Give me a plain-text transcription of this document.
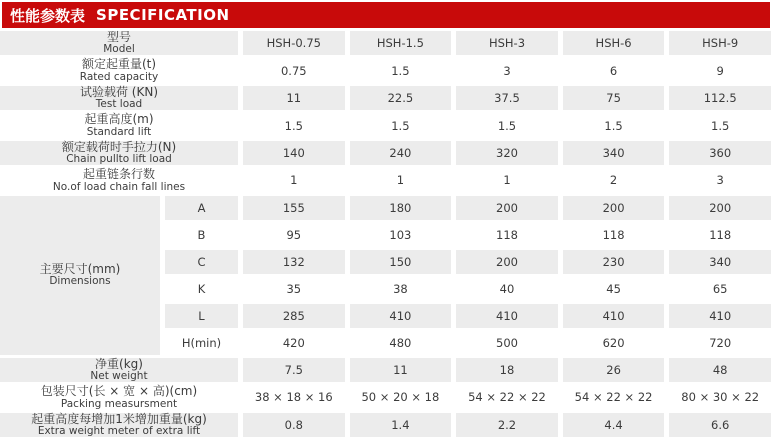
性能参数表 SPECIFICATION
型号
Model		HSH-0.75	HSH-1.5	HSH-3	HSH-6	HSH-9

额定起重量(t)
Rated capacity		0.75	1.5	3	6	9

试验载荷 (KN)
Test load		11	22.5	37.5	75	112.5

起重高度(m)
Standard lift		1.5	1.5	1.5	1.5	1.5

额定载荷时手拉力(N)
Chain pullto lift load		140	240	320	340	360

起重链条行数
No.of load chain fall lines		1	1	1	2	3

主要尺寸(mm)
Dimensions	A	155	180	200	200	200
	B	95	103	118	118	118
	C	132	150	200	230	340
	K	35	38	40	45	65
	L	285	410	410	410	410
	H(min)	420	480	500	620	720

净重(kg)
Net weight		7.5	11	18	26	48

包装尺寸(长 × 宽 × 高)(cm)
Packing measursment		38 × 18 × 16	50 × 20 × 18	54 × 22 × 22	54 × 22 × 22	80 × 30 × 22

起重高度每增加1米增加重量(kg)
Extra weight meter of extra lift		0.8	1.4	2.2	4.4	6.6
